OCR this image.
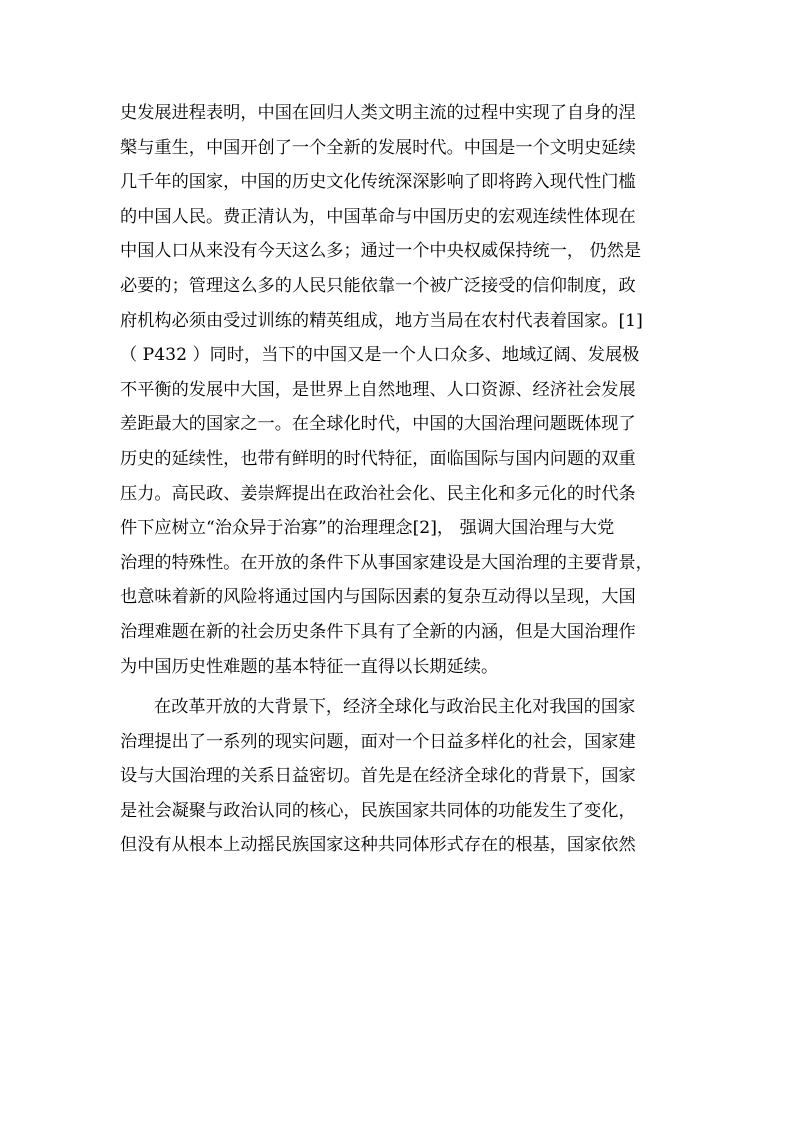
史发展进程表明，中国在回归人类文明主流的过程中实现了自身的涅
槃与重生，中国开创了一个全新的发展时代。中国是一个文明史延续
几千年的国家，中国的历史文化传统深深影响了即将跨入现代性门槛
的中国人民。费正清认为，中国革命与中国历史的宏观连续性体现在
中国人口从来没有今天这么多；通过一个中央权威保持统一， 仍然是
必要的；管理这么多的人民只能依靠一个被广泛接受的信仰制度，政
府机构必须由受过训练的精英组成，地方当局在农村代表着国家。[1]
（ P432 ）同时，当下的中国又是一个人口众多、地域辽阔、发展极
不平衡的发展中大国，是世界上自然地理、人口资源、经济社会发展
差距最大的国家之一。在全球化时代，中国的大国治理问题既体现了
历史的延续性，也带有鲜明的时代特征，面临国际与国内问题的双重
压力。高民政、姜崇辉提出在政治社会化、民主化和多元化的时代条
件下应树立“治众异于治寡”的治理理念[2]， 强调大国治理与大党
治理的特殊性。在开放的条件下从事国家建设是大国治理的主要背景，
也意味着新的风险将通过国内与国际因素的复杂互动得以呈现，大国
治理难题在新的社会历史条件下具有了全新的内涵，但是大国治理作
为中国历史性难题的基本特征一直得以长期延续。
在改革开放的大背景下，经济全球化与政治民主化对我国的国家
治理提出了一系列的现实问题，面对一个日益多样化的社会，国家建
设与大国治理的关系日益密切。首先是在经济全球化的背景下，国家
是社会凝聚与政治认同的核心，民族国家共同体的功能发生了变化，
但没有从根本上动摇民族国家这种共同体形式存在的根基，国家依然
